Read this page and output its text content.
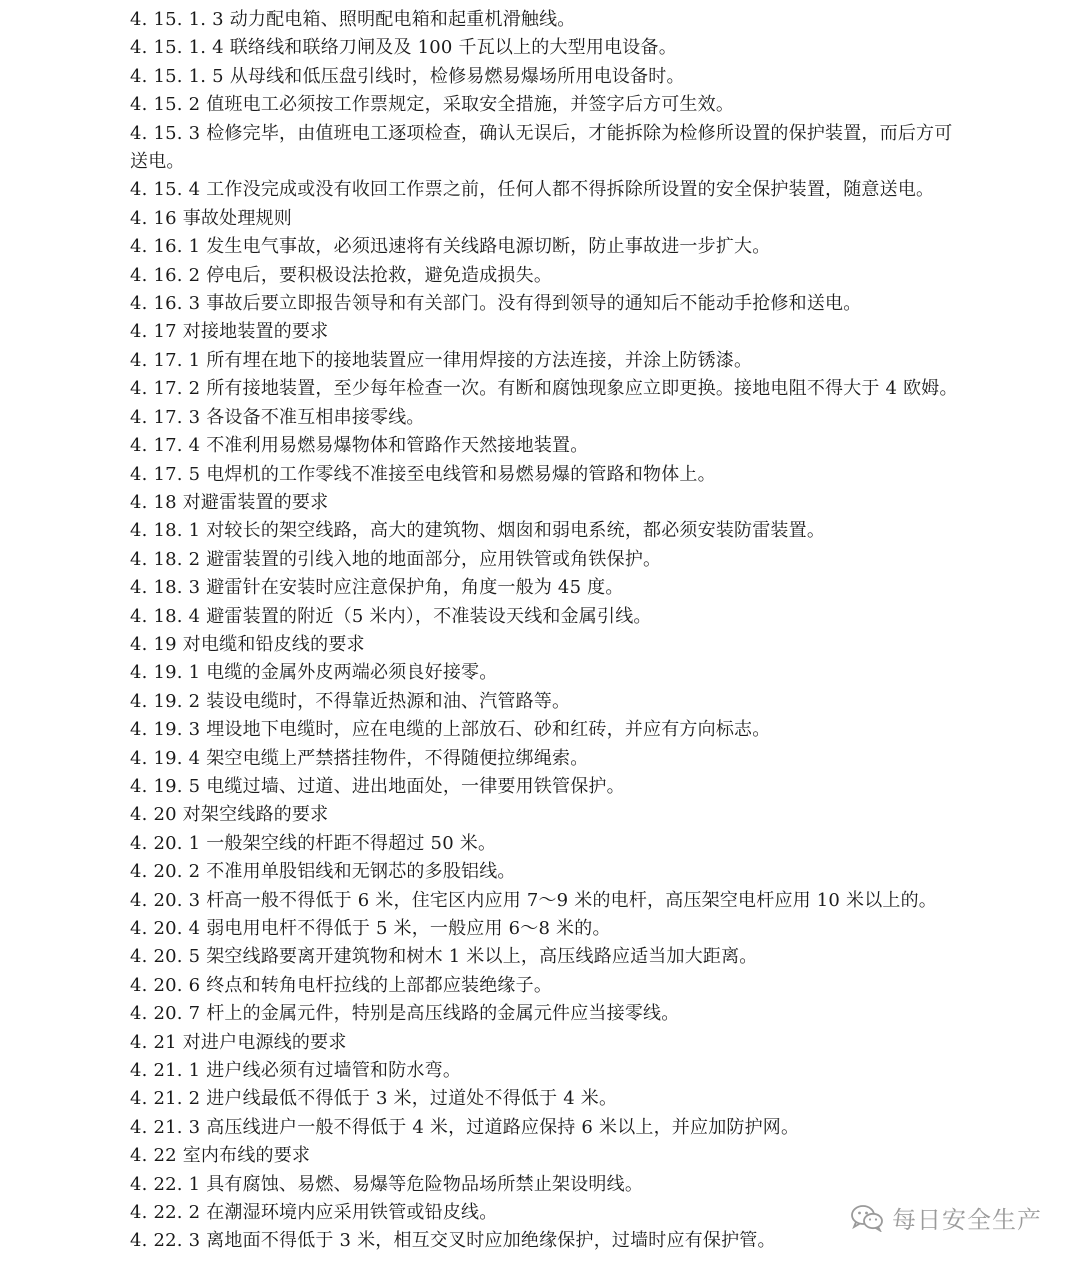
4. 15. 1. 3 动力配电箱、照明配电箱和起重机滑触线。
4. 15. 1. 4 联络线和联络刀闸及及 100 千瓦以上的大型用电设备。
4. 15. 1. 5 从母线和低压盘引线时，检修易燃易爆场所用电设备时。
4. 15. 2 值班电工必须按工作票规定，采取安全措施，并签字后方可生效。
4. 15. 3 检修完毕，由值班电工逐项检查，确认无误后，才能拆除为检修所设置的保护装置，而后方可
送电。
4. 15. 4 工作没完成或没有收回工作票之前，任何人都不得拆除所设置的安全保护装置，随意送电。
4. 16 事故处理规则
4. 16. 1 发生电气事故，必须迅速将有关线路电源切断，防止事故进一步扩大。
4. 16. 2 停电后，要积极设法抢救，避免造成损失。
4. 16. 3 事故后要立即报告领导和有关部门。没有得到领导的通知后不能动手抢修和送电。
4. 17 对接地装置的要求
4. 17. 1 所有埋在地下的接地装置应一律用焊接的方法连接，并涂上防锈漆。
4. 17. 2 所有接地装置，至少每年检查一次。有断和腐蚀现象应立即更换。接地电阻不得大于 4 欧姆。
4. 17. 3 各设备不准互相串接零线。
4. 17. 4 不准利用易燃易爆物体和管路作天然接地装置。
4. 17. 5 电焊机的工作零线不准接至电线管和易燃易爆的管路和物体上。
4. 18 对避雷装置的要求
4. 18. 1 对较长的架空线路，高大的建筑物、烟囱和弱电系统，都必须安装防雷装置。
4. 18. 2 避雷装置的引线入地的地面部分，应用铁管或角铁保护。
4. 18. 3 避雷针在安装时应注意保护角，角度一般为 45 度。
4. 18. 4 避雷装置的附近（5 米内），不准装设天线和金属引线。
4. 19 对电缆和铅皮线的要求
4. 19. 1 电缆的金属外皮两端必须良好接零。
4. 19. 2 装设电缆时，不得靠近热源和油、汽管路等。
4. 19. 3 埋设地下电缆时，应在电缆的上部放石、砂和红砖，并应有方向标志。
4. 19. 4 架空电缆上严禁搭挂物件，不得随便拉绑绳索。
4. 19. 5 电缆过墙、过道、进出地面处，一律要用铁管保护。
4. 20 对架空线路的要求
4. 20. 1 一般架空线的杆距不得超过 50 米。
4. 20. 2 不准用单股铝线和无钢芯的多股铝线。
4. 20. 3 杆高一般不得低于 6 米，住宅区内应用 7～9 米的电杆，高压架空电杆应用 10 米以上的。
4. 20. 4 弱电用电杆不得低于 5 米，一般应用 6～8 米的。
4. 20. 5 架空线路要离开建筑物和树木 1 米以上，高压线路应适当加大距离。
4. 20. 6 终点和转角电杆拉线的上部都应装绝缘子。
4. 20. 7 杆上的金属元件，特别是高压线路的金属元件应当接零线。
4. 21 对进户电源线的要求
4. 21. 1 进户线必须有过墙管和防水弯。
4. 21. 2 进户线最低不得低于 3 米，过道处不得低于 4 米。
4. 21. 3 高压线进户一般不得低于 4 米，过道路应保持 6 米以上，并应加防护网。
4. 22 室内布线的要求
4. 22. 1 具有腐蚀、易燃、易爆等危险物品场所禁止架设明线。
4. 22. 2 在潮湿环境内应采用铁管或铅皮线。
4. 22. 3 离地面不得低于 3 米，相互交叉时应加绝缘保护，过墙时应有保护管。
每日安全生产
